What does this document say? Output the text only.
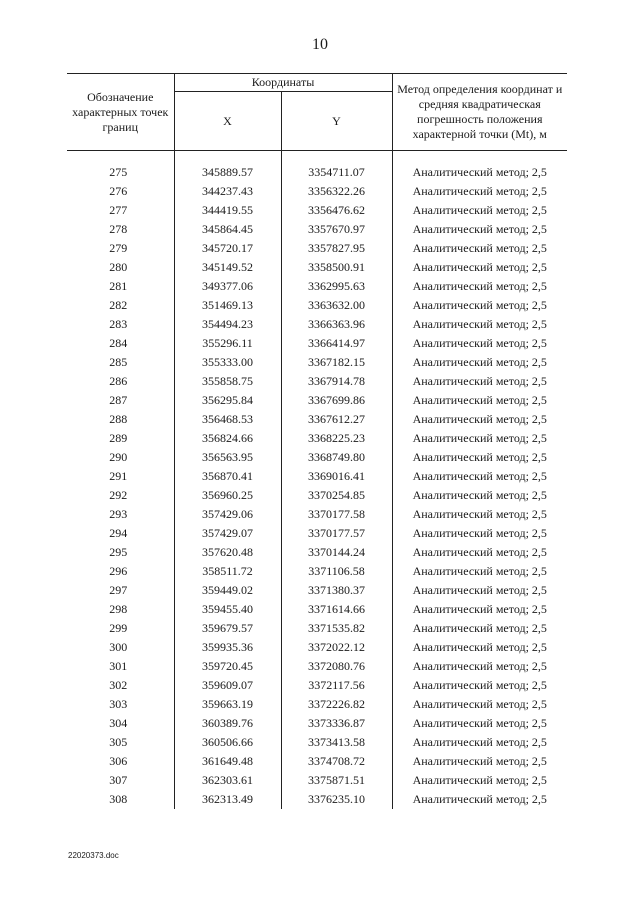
10
Обозначение характерных точек границ	Координаты		Метод определения координат и средняя квадратическая погрешность положения характерной точки (Mt), м
	X	Y	

275	345889.57	3354711.07	Аналитический метод; 2,5
276	344237.43	3356322.26	Аналитический метод; 2,5
277	344419.55	3356476.62	Аналитический метод; 2,5
278	345864.45	3357670.97	Аналитический метод; 2,5
279	345720.17	3357827.95	Аналитический метод; 2,5
280	345149.52	3358500.91	Аналитический метод; 2,5
281	349377.06	3362995.63	Аналитический метод; 2,5
282	351469.13	3363632.00	Аналитический метод; 2,5
283	354494.23	3366363.96	Аналитический метод; 2,5
284	355296.11	3366414.97	Аналитический метод; 2,5
285	355333.00	3367182.15	Аналитический метод; 2,5
286	355858.75	3367914.78	Аналитический метод; 2,5
287	356295.84	3367699.86	Аналитический метод; 2,5
288	356468.53	3367612.27	Аналитический метод; 2,5
289	356824.66	3368225.23	Аналитический метод; 2,5
290	356563.95	3368749.80	Аналитический метод; 2,5
291	356870.41	3369016.41	Аналитический метод; 2,5
292	356960.25	3370254.85	Аналитический метод; 2,5
293	357429.06	3370177.58	Аналитический метод; 2,5
294	357429.07	3370177.57	Аналитический метод; 2,5
295	357620.48	3370144.24	Аналитический метод; 2,5
296	358511.72	3371106.58	Аналитический метод; 2,5
297	359449.02	3371380.37	Аналитический метод; 2,5
298	359455.40	3371614.66	Аналитический метод; 2,5
299	359679.57	3371535.82	Аналитический метод; 2,5
300	359935.36	3372022.12	Аналитический метод; 2,5
301	359720.45	3372080.76	Аналитический метод; 2,5
302	359609.07	3372117.56	Аналитический метод; 2,5
303	359663.19	3372226.82	Аналитический метод; 2,5
304	360389.76	3373336.87	Аналитический метод; 2,5
305	360506.66	3373413.58	Аналитический метод; 2,5
306	361649.48	3374708.72	Аналитический метод; 2,5
307	362303.61	3375871.51	Аналитический метод; 2,5
308	362313.49	3376235.10	Аналитический метод; 2,5
22020373.doc
